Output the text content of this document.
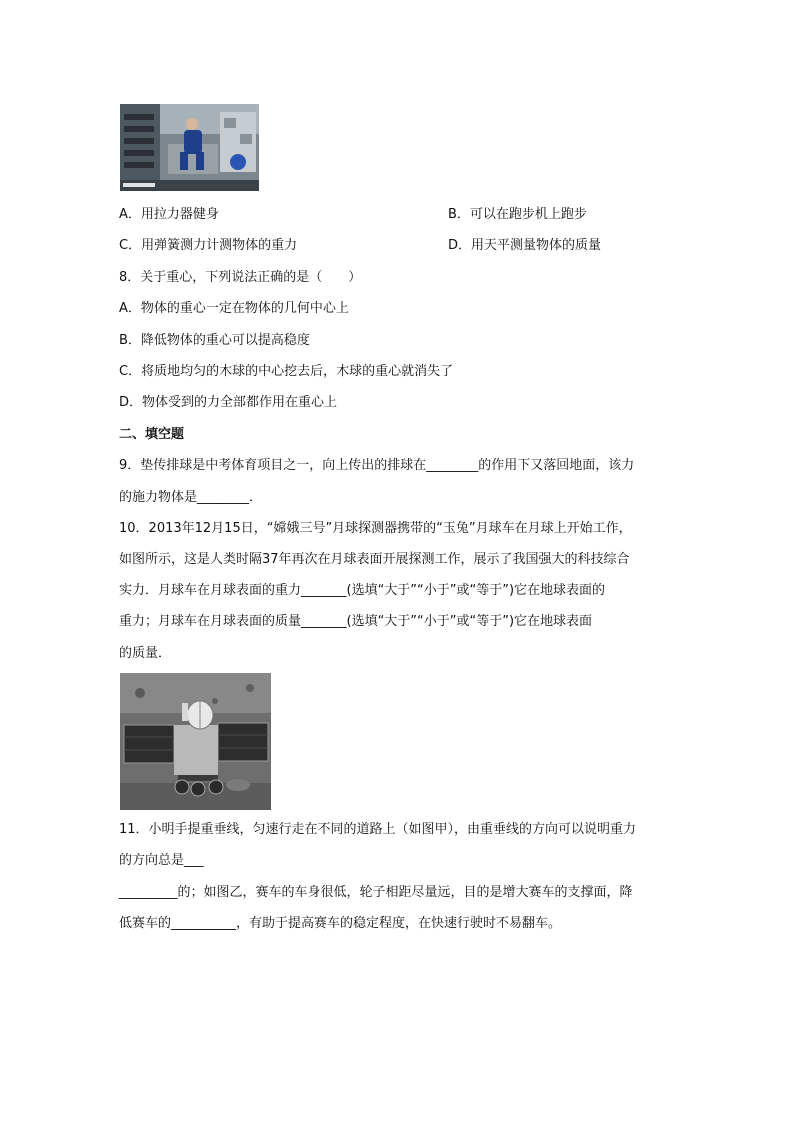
A．用拉力器健身	B．可以在跑步机上跑步
C．用弹簧测力计测物体的重力	D．用天平测量物体的质量
8．关于重心，下列说法正确的是（　　）
A．物体的重心一定在物体的几何中心上
B．降低物体的重心可以提高稳度
C．将质地均匀的木球的中心挖去后，木球的重心就消失了
D．物体受到的力全部都作用在重心上
二、填空题
9．垫传排球是中考体育项目之一，向上传出的排球在________的作用下又落回地面，该力
的施力物体是________．
10．2013年12月15日，“嫦娥三号”月球探测器携带的“玉兔”月球车在月球上开始工作，
如图所示，这是人类时隔37年再次在月球表面开展探测工作，展示了我国强大的科技综合
实力．月球车在月球表面的重力_______(选填“大于”“小于”或“等于”)它在地球表面的
重力；月球车在月球表面的质量_______(选填“大于”“小于”或“等于”)它在地球表面
的质量．
11．小明手提重垂线，匀速行走在不同的道路上（如图甲），由重垂线的方向可以说明重力
的方向总是___
_________的；如图乙，赛车的车身很低，轮子相距尽量远，目的是增大赛车的支撑面，降
低赛车的__________，有助于提高赛车的稳定程度，在快速行驶时不易翻车。
